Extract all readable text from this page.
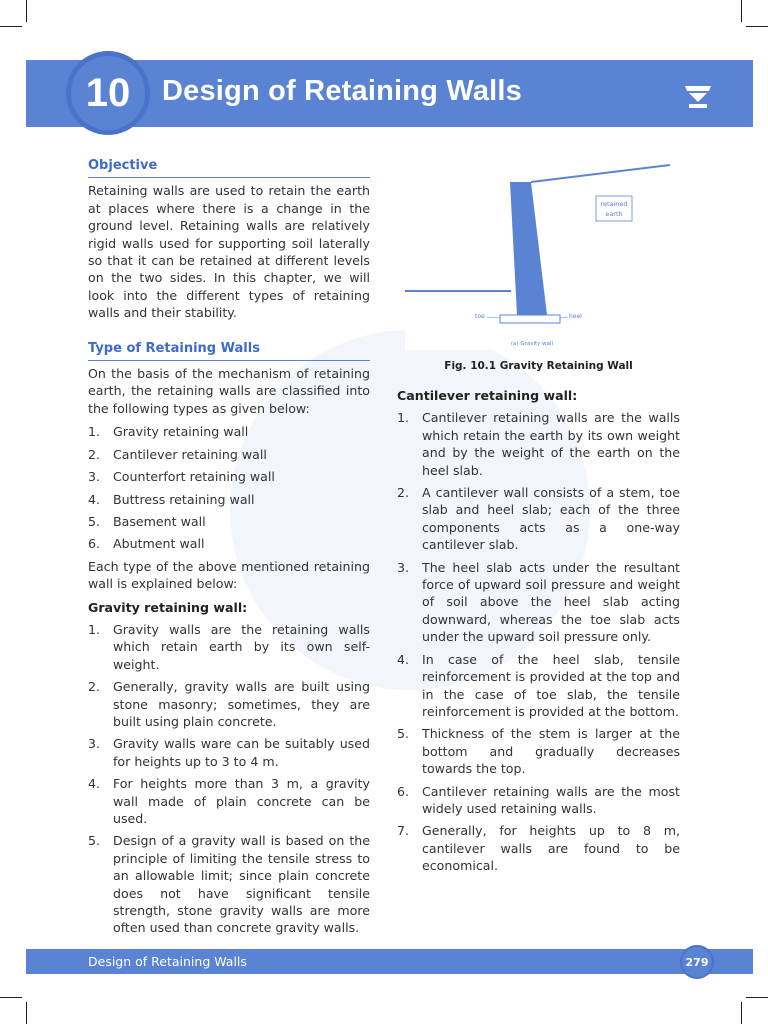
10 Design of Retaining Walls
Objective

Retaining walls are used to retain the earth at places where there is a change in the ground level. Retaining walls are relatively rigid walls used for supporting soil laterally so that it can be retained at different levels on the two sides. In this chapter, we will look into the different types of retaining walls and their stability.

Type of Retaining Walls

On the basis of the mechanism of retaining earth, the retaining walls are classified into the following types as given below:

1.	Gravity retaining wall
2.	Cantilever retaining wall
3.	Counterfort retaining wall
4.	Buttress retaining wall
5.	Basement wall
6.	Abutment wall

Each type of the above mentioned retaining wall is explained below:

Gravity retaining wall:
1.	Gravity walls are the retaining walls which retain earth by its own self-weight.
2.	Generally, gravity walls are built using stone masonry; sometimes, they are built using plain concrete.
3.	Gravity walls ware can be suitably used for heights up to 3 to 4 m.
4.	For heights more than 3 m, a gravity wall made of plain concrete can be used.
5.	Design of a gravity wall is based on the principle of limiting the tensile stress to an allowable limit; since plain concrete does not have significant tensile strength, stone gravity walls are more often used than concrete gravity walls.
retained
earth
toe	heel
(a) Gravity wall
Fig. 10.1 Gravity Retaining Wall
Cantilever retaining wall:
1.	Cantilever retaining walls are the walls which retain the earth by its own weight and by the weight of the earth on the heel slab.
2.	A cantilever wall consists of a stem, toe slab and heel slab; each of the three components acts as a one-way cantilever slab.
3.	The heel slab acts under the resultant force of upward soil pressure and weight of soil above the heel slab acting downward, whereas the toe slab acts under the upward soil pressure only.
4.	In case of the heel slab, tensile reinforcement is provided at the top and in the case of toe slab, the tensile reinforcement is provided at the bottom.
5.	Thickness of the stem is larger at the bottom and gradually decreases towards the top.
6.	Cantilever retaining walls are the most widely used retaining walls.
7.	Generally, for heights up to 8 m, cantilever walls are found to be economical.
Design of Retaining Walls	279
